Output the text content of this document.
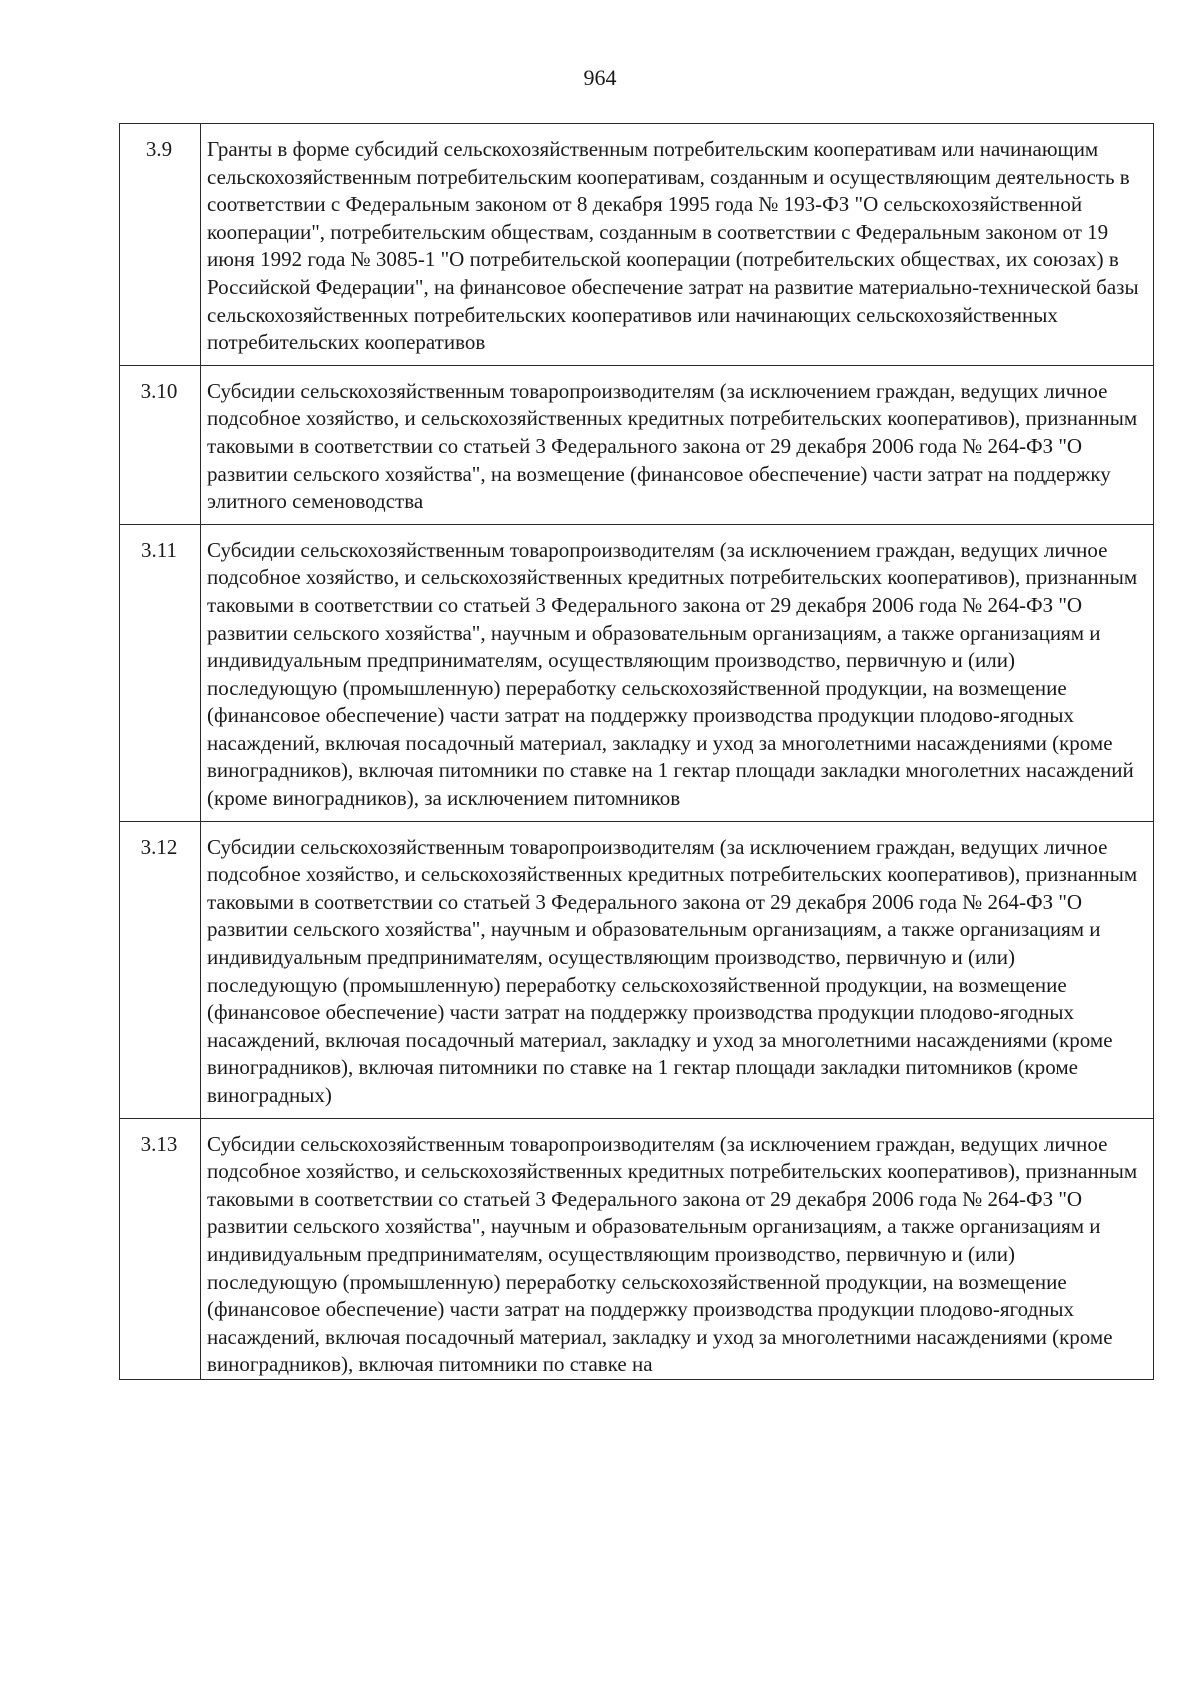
964
3.9	Гранты в форме субсидий сельскохозяйственным потребительским кооперативам или начинающим сельскохозяйственным потребительским кооперативам, созданным и осуществляющим деятельность в соответствии с Федеральным законом от 8 декабря 1995 года № 193-ФЗ "О сельскохозяйственной кооперации", потребительским обществам, созданным в соответствии с Федеральным законом от 19 июня 1992 года № 3085-1 "О потребительской кооперации (потребительских обществах, их союзах) в Российской Федерации", на финансовое обеспечение затрат на развитие материально-технической базы сельскохозяйственных потребительских кооперативов или начинающих сельскохозяйственных потребительских кооперативов
3.10	Субсидии сельскохозяйственным товаропроизводителям (за исключением граждан, ведущих личное подсобное хозяйство, и сельскохозяйственных кредитных потребительских кооперативов), признанным таковыми в соответствии со статьей 3 Федерального закона от 29 декабря 2006 года № 264-ФЗ "О развитии сельского хозяйства", на возмещение (финансовое обеспечение) части затрат на поддержку элитного семеноводства
3.11	Субсидии сельскохозяйственным товаропроизводителям (за исключением граждан, ведущих личное подсобное хозяйство, и сельскохозяйственных кредитных потребительских кооперативов), признанным таковыми в соответствии со статьей 3 Федерального закона от 29 декабря 2006 года № 264-ФЗ "О развитии сельского хозяйства", научным и образовательным организациям, а также организациям и индивидуальным предпринимателям, осуществляющим производство, первичную и (или) последующую (промышленную) переработку сельскохозяйственной продукции, на возмещение (финансовое обеспечение) части затрат на поддержку производства продукции плодово-ягодных насаждений, включая посадочный материал, закладку и уход за многолетними насаждениями (кроме виноградников), включая питомники по ставке на 1 гектар площади закладки многолетних насаждений (кроме виноградников), за исключением питомников
3.12	Субсидии сельскохозяйственным товаропроизводителям (за исключением граждан, ведущих личное подсобное хозяйство, и сельскохозяйственных кредитных потребительских кооперативов), признанным таковыми в соответствии со статьей 3 Федерального закона от 29 декабря 2006 года № 264-ФЗ "О развитии сельского хозяйства", научным и образовательным организациям, а также организациям и индивидуальным предпринимателям, осуществляющим производство, первичную и (или) последующую (промышленную) переработку сельскохозяйственной продукции, на возмещение (финансовое обеспечение) части затрат на поддержку производства продукции плодово-ягодных насаждений, включая посадочный материал, закладку и уход за многолетними насаждениями (кроме виноградников), включая питомники по ставке на 1 гектар площади закладки питомников (кроме виноградных)
3.13	Субсидии сельскохозяйственным товаропроизводителям (за исключением граждан, ведущих личное подсобное хозяйство, и сельскохозяйственных кредитных потребительских кооперативов), признанным таковыми в соответствии со статьей 3 Федерального закона от 29 декабря 2006 года № 264-ФЗ "О развитии сельского хозяйства", научным и образовательным организациям, а также организациям и индивидуальным предпринимателям, осуществляющим производство, первичную и (или) последующую (промышленную) переработку сельскохозяйственной продукции, на возмещение (финансовое обеспечение) части затрат на поддержку производства продукции плодово-ягодных насаждений, включая посадочный материал, закладку и уход за многолетними насаждениями (кроме виноградников), включая питомники по ставке на
